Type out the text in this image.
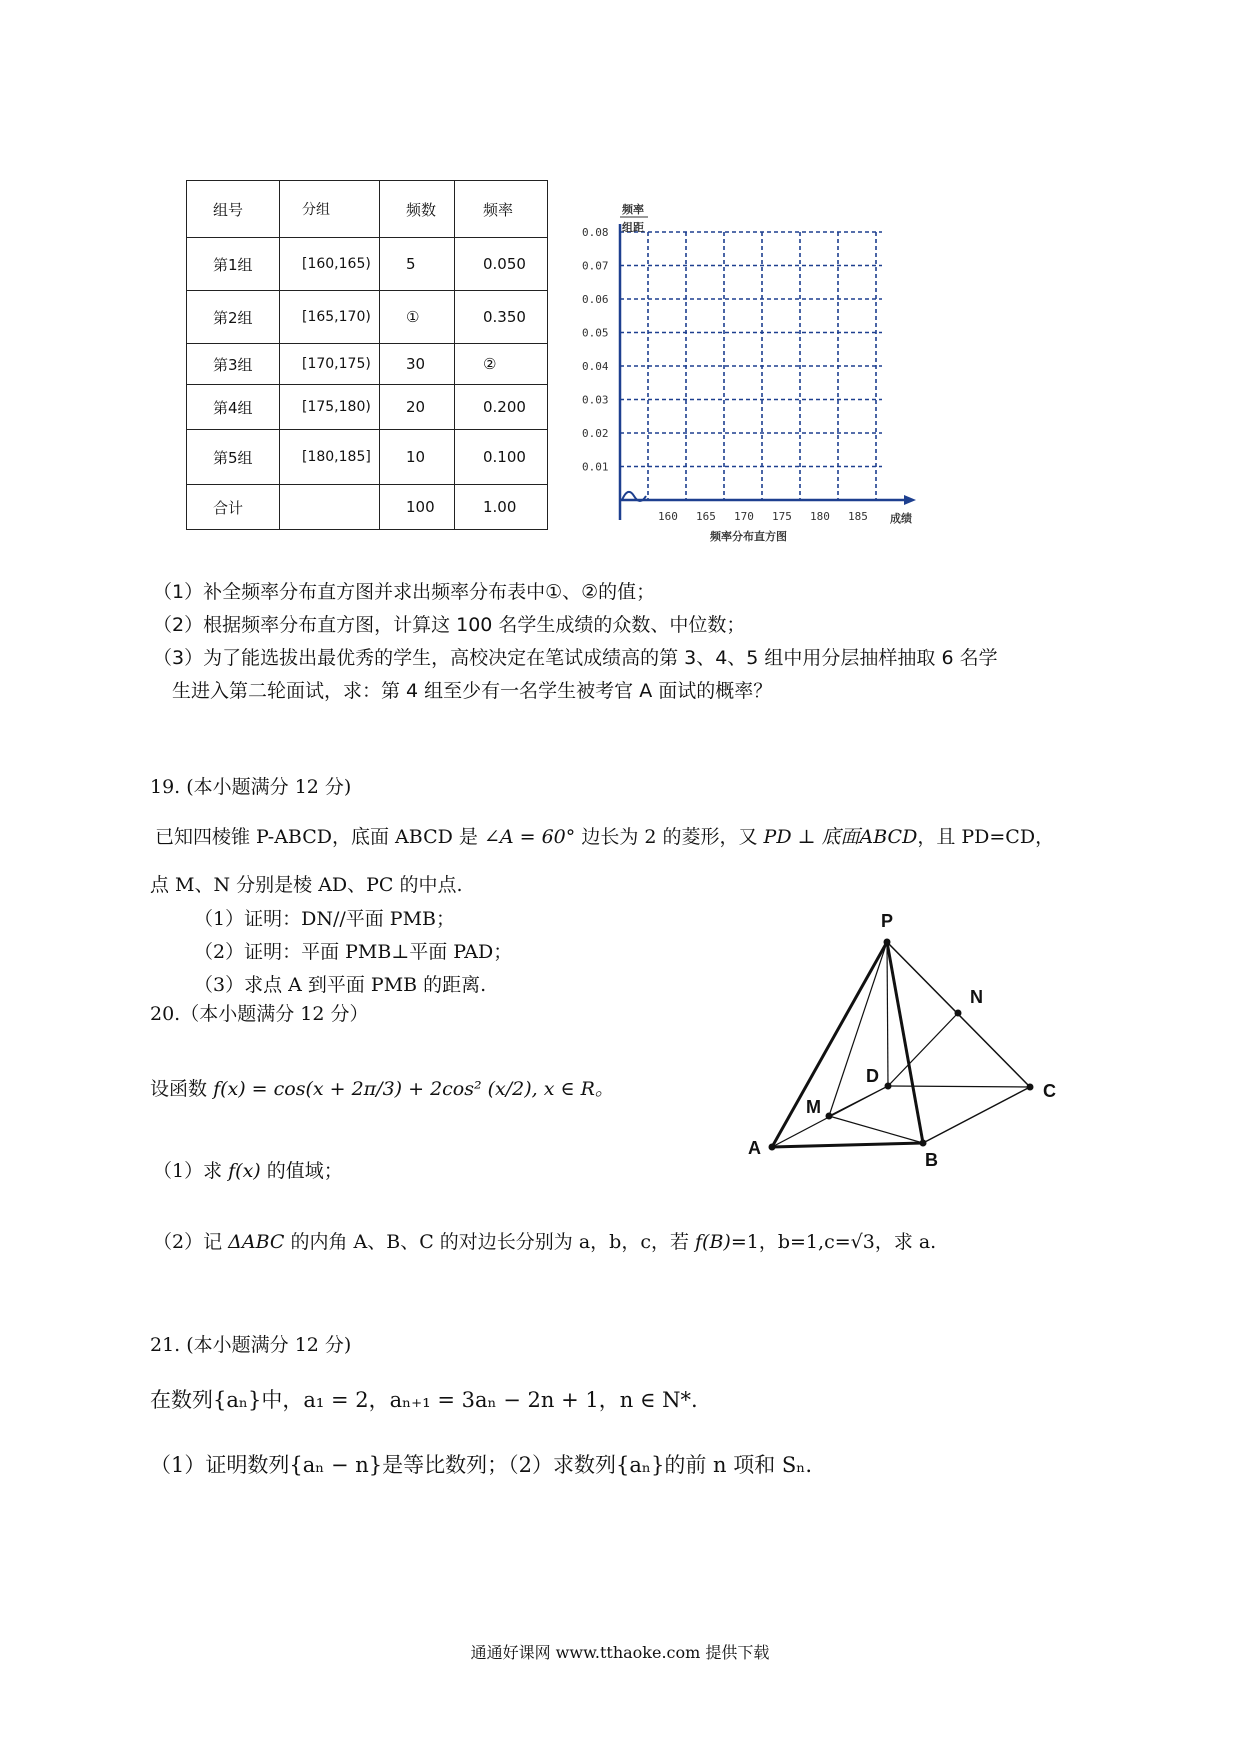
组号	分组	频数	频率
第1组	[160,165)	5	0.050
第2组	[165,170)	①	0.350
第3组	[170,175)	30	②
第4组	[175,180)	20	0.200
第5组	[180,185]	10	0.100
合计		100	1.00
0.01
0.02
0.03
0.04
0.05
0.06
0.07
0.08
160 165 170 175 180 185
频率
组距
成绩
频率分布直方图
（1）补全频率分布直方图并求出频率分布表中①、②的值；
（2）根据频率分布直方图，计算这 100 名学生成绩的众数、中位数；
（3）为了能选拔出最优秀的学生，高校决定在笔试成绩高的第 3、4、5 组中用分层抽样抽取 6 名学
生进入第二轮面试，求：第 4 组至少有一名学生被考官 A 面试的概率？
19. (本小题满分 12 分)
已知四棱锥 P-ABCD，底面 ABCD 是 ∠A = 60° 边长为 2 的菱形，又 PD ⊥ 底面ABCD，且 PD=CD，
点 M、N 分别是棱 AD、PC 的中点.
（1）证明：DN//平面 PMB；
（2）证明：平面 PMB⊥平面 PAD；
（3）求点 A 到平面 PMB 的距离.
P
N
D
C
M
A
B
20.（本小题满分 12 分）
设函数 f(x) = cos(x + 2π/3) + 2cos² (x/2), x ∈ R。
（1）求 f(x) 的值域；
（2）记 ΔABC 的内角 A、B、C 的对边长分别为 a，b，c，若 f(B)=1，b=1,c=√3，求 a.
21. (本小题满分 12 分)
在数列{aₙ}中，a₁ = 2，aₙ₊₁ = 3aₙ − 2n + 1，n ∈ N*.
（1）证明数列{aₙ − n}是等比数列；（2）求数列{aₙ}的前 n 项和 Sₙ.
通通好课网 www.tthaoke.com 提供下载
